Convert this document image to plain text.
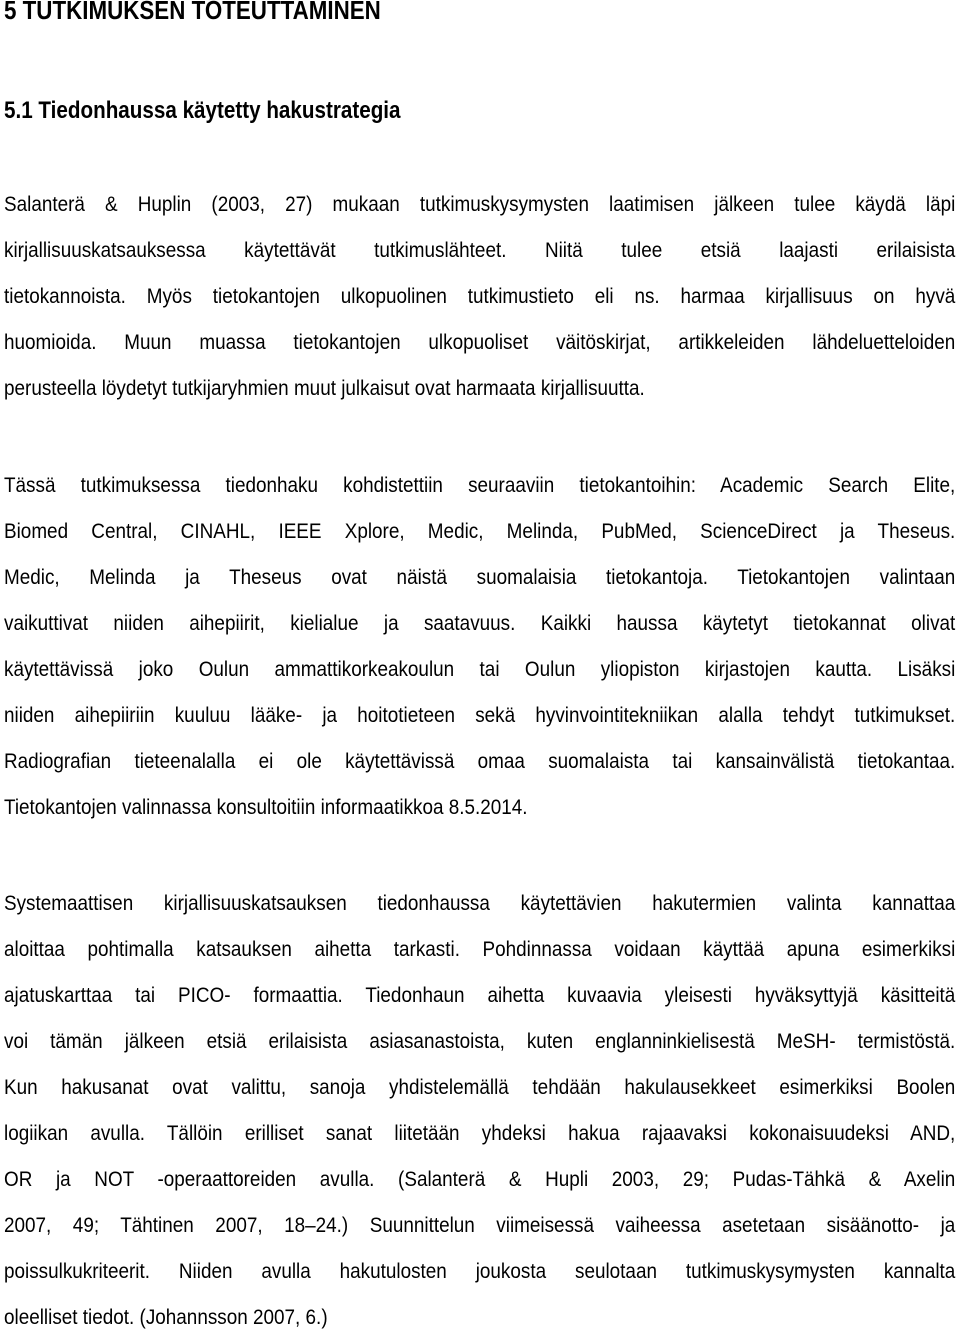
5 TUTKIMUKSEN TOTEUTTAMINEN
5.1 Tiedonhaussa käytetty hakustrategia
Salanterä & Huplin (2003, 27) mukaan tutkimuskysymysten laatimisen jälkeen tulee käydä läpi
kirjallisuuskatsauksessa käytettävät tutkimuslähteet. Niitä tulee etsiä laajasti erilaisista
tietokannoista. Myös tietokantojen ulkopuolinen tutkimustieto eli ns. harmaa kirjallisuus on hyvä
huomioida. Muun muassa tietokantojen ulkopuoliset väitöskirjat, artikkeleiden lähdeluetteloiden
perusteella löydetyt tutkijaryhmien muut julkaisut ovat harmaata kirjallisuutta.
Tässä tutkimuksessa tiedonhaku kohdistettiin seuraaviin tietokantoihin: Academic Search Elite,
Biomed Central, CINAHL, IEEE Xplore, Medic, Melinda, PubMed, ScienceDirect ja Theseus.
Medic, Melinda ja Theseus ovat näistä suomalaisia tietokantoja. Tietokantojen valintaan
vaikuttivat niiden aihepiirit, kielialue ja saatavuus. Kaikki haussa käytetyt tietokannat olivat
käytettävissä joko Oulun ammattikorkeakoulun tai Oulun yliopiston kirjastojen kautta. Lisäksi
niiden aihepiiriin kuuluu lääke- ja hoitotieteen sekä hyvinvointitekniikan alalla tehdyt tutkimukset.
Radiografian tieteenalalla ei ole käytettävissä omaa suomalaista tai kansainvälistä tietokantaa.
Tietokantojen valinnassa konsultoitiin informaatikkoa 8.5.2014.
Systemaattisen kirjallisuuskatsauksen tiedonhaussa käytettävien hakutermien valinta kannattaa
aloittaa pohtimalla katsauksen aihetta tarkasti. Pohdinnassa voidaan käyttää apuna esimerkiksi
ajatuskarttaa tai PICO- formaattia. Tiedonhaun aihetta kuvaavia yleisesti hyväksyttyjä käsitteitä
voi tämän jälkeen etsiä erilaisista asiasanastoista, kuten englanninkielisestä MeSH- termistöstä.
Kun hakusanat ovat valittu, sanoja yhdistelemällä tehdään hakulausekkeet esimerkiksi Boolen
logiikan avulla. Tällöin erilliset sanat liitetään yhdeksi hakua rajaavaksi kokonaisuudeksi AND,
OR ja NOT -operaattoreiden avulla. (Salanterä & Hupli 2003, 29; Pudas-Tähkä & Axelin
2007, 49; Tähtinen 2007, 18–24.) Suunnittelun viimeisessä vaiheessa asetetaan sisäänotto- ja
poissulkukriteerit. Niiden avulla hakutulosten joukosta seulotaan tutkimuskysymysten kannalta
oleelliset tiedot. (Johannsson 2007, 6.)
